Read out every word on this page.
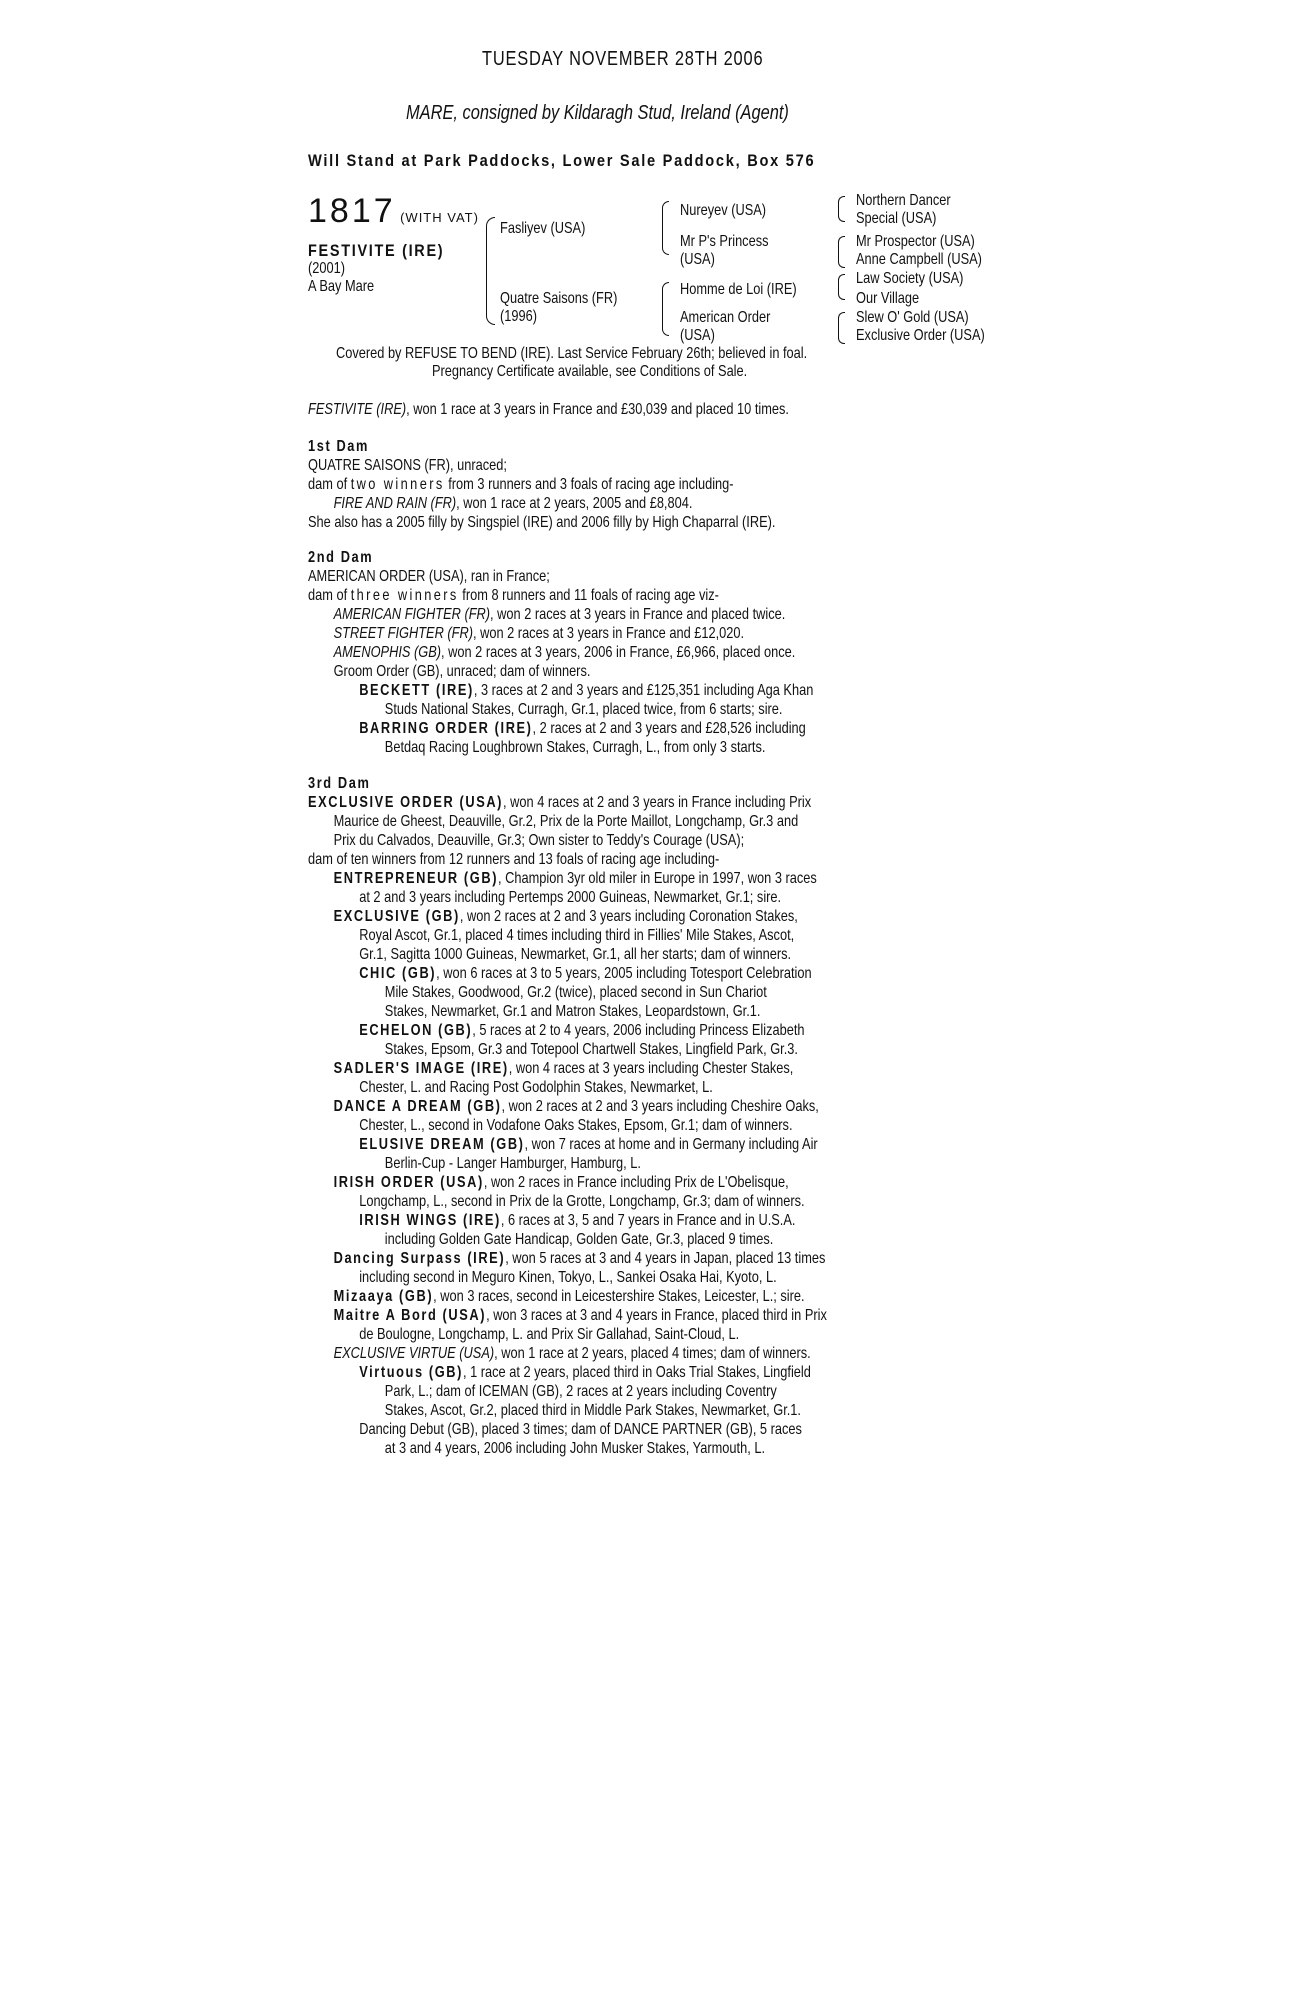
TUESDAY NOVEMBER 28TH 2006
MARE, consigned by Kildaragh Stud, Ireland (Agent)
Will Stand at Park Paddocks, Lower Sale Paddock, Box 576
1817 (WITH VAT)
FESTIVITE (IRE)
(2001)
A Bay Mare
Fasliyev (USA)
Quatre Saisons (FR)
(1996)
Nureyev (USA)
Mr P's Princess
(USA)
Homme de Loi (IRE)
American Order
(USA)
Northern Dancer
Special (USA)
Mr Prospector (USA)
Anne Campbell (USA)
Law Society (USA)
Our Village
Slew O' Gold (USA)
Exclusive Order (USA)
Covered by REFUSE TO BEND (IRE). Last Service February 26th; believed in foal.
Pregnancy Certificate available, see Conditions of Sale.
FESTIVITE (IRE), won 1 race at 3 years in France and £30,039 and placed 10 times.
1st Dam
QUATRE SAISONS (FR), unraced;
dam of two winners from 3 runners and 3 foals of racing age including-
FIRE AND RAIN (FR), won 1 race at 2 years, 2005 and £8,804.
She also has a 2005 filly by Singspiel (IRE) and 2006 filly by High Chaparral (IRE).
2nd Dam
AMERICAN ORDER (USA), ran in France;
dam of three winners from 8 runners and 11 foals of racing age viz-
AMERICAN FIGHTER (FR), won 2 races at 3 years in France and placed twice.
STREET FIGHTER (FR), won 2 races at 3 years in France and £12,020.
AMENOPHIS (GB), won 2 races at 3 years, 2006 in France, £6,966, placed once.
Groom Order (GB), unraced; dam of winners.
BECKETT (IRE), 3 races at 2 and 3 years and £125,351 including Aga Khan
Studs National Stakes, Curragh, Gr.1, placed twice, from 6 starts; sire.
BARRING ORDER (IRE), 2 races at 2 and 3 years and £28,526 including
Betdaq Racing Loughbrown Stakes, Curragh, L., from only 3 starts.
3rd Dam
EXCLUSIVE ORDER (USA), won 4 races at 2 and 3 years in France including Prix
Maurice de Gheest, Deauville, Gr.2, Prix de la Porte Maillot, Longchamp, Gr.3 and
Prix du Calvados, Deauville, Gr.3; Own sister to Teddy's Courage (USA);
dam of ten winners from 12 runners and 13 foals of racing age including-
ENTREPRENEUR (GB), Champion 3yr old miler in Europe in 1997, won 3 races
at 2 and 3 years including Pertemps 2000 Guineas, Newmarket, Gr.1; sire.
EXCLUSIVE (GB), won 2 races at 2 and 3 years including Coronation Stakes,
Royal Ascot, Gr.1, placed 4 times including third in Fillies' Mile Stakes, Ascot,
Gr.1, Sagitta 1000 Guineas, Newmarket, Gr.1, all her starts; dam of winners.
CHIC (GB), won 6 races at 3 to 5 years, 2005 including Totesport Celebration
Mile Stakes, Goodwood, Gr.2 (twice), placed second in Sun Chariot
Stakes, Newmarket, Gr.1 and Matron Stakes, Leopardstown, Gr.1.
ECHELON (GB), 5 races at 2 to 4 years, 2006 including Princess Elizabeth
Stakes, Epsom, Gr.3 and Totepool Chartwell Stakes, Lingfield Park, Gr.3.
SADLER'S IMAGE (IRE), won 4 races at 3 years including Chester Stakes,
Chester, L. and Racing Post Godolphin Stakes, Newmarket, L.
DANCE A DREAM (GB), won 2 races at 2 and 3 years including Cheshire Oaks,
Chester, L., second in Vodafone Oaks Stakes, Epsom, Gr.1; dam of winners.
ELUSIVE DREAM (GB), won 7 races at home and in Germany including Air
Berlin-Cup - Langer Hamburger, Hamburg, L.
IRISH ORDER (USA), won 2 races in France including Prix de L'Obelisque,
Longchamp, L., second in Prix de la Grotte, Longchamp, Gr.3; dam of winners.
IRISH WINGS (IRE), 6 races at 3, 5 and 7 years in France and in U.S.A.
including Golden Gate Handicap, Golden Gate, Gr.3, placed 9 times.
Dancing Surpass (IRE), won 5 races at 3 and 4 years in Japan, placed 13 times
including second in Meguro Kinen, Tokyo, L., Sankei Osaka Hai, Kyoto, L.
Mizaaya (GB), won 3 races, second in Leicestershire Stakes, Leicester, L.; sire.
Maitre A Bord (USA), won 3 races at 3 and 4 years in France, placed third in Prix
de Boulogne, Longchamp, L. and Prix Sir Gallahad, Saint-Cloud, L.
EXCLUSIVE VIRTUE (USA), won 1 race at 2 years, placed 4 times; dam of winners.
Virtuous (GB), 1 race at 2 years, placed third in Oaks Trial Stakes, Lingfield
Park, L.; dam of ICEMAN (GB), 2 races at 2 years including Coventry
Stakes, Ascot, Gr.2, placed third in Middle Park Stakes, Newmarket, Gr.1.
Dancing Debut (GB), placed 3 times; dam of DANCE PARTNER (GB), 5 races
at 3 and 4 years, 2006 including John Musker Stakes, Yarmouth, L.
